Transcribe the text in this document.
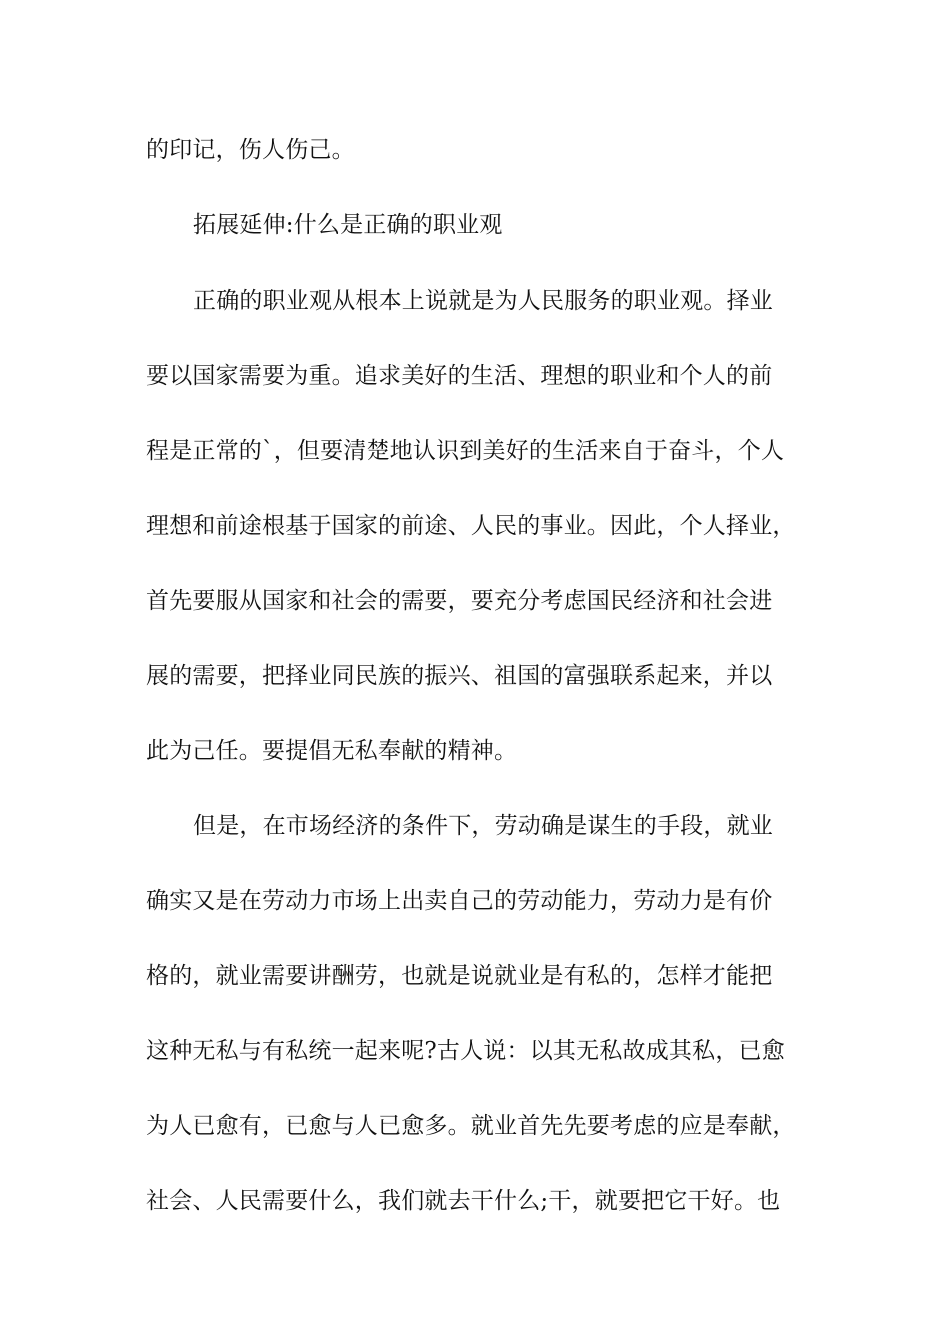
的印记，伤人伤己。
拓展延伸:什么是正确的职业观
正确的职业观从根本上说就是为人民服务的职业观。择业
要以国家需要为重。追求美好的生活、理想的职业和个人的前
程是正常的`，但要清楚地认识到美好的生活来自于奋斗，个人
理想和前途根基于国家的前途、人民的事业。因此，个人择业，
首先要服从国家和社会的需要，要充分考虑国民经济和社会进
展的需要，把择业同民族的振兴、祖国的富强联系起来，并以
此为己任。要提倡无私奉献的精神。
但是，在市场经济的条件下，劳动确是谋生的手段，就业
确实又是在劳动力市场上出卖自己的劳动能力，劳动力是有价
格的，就业需要讲酬劳，也就是说就业是有私的，怎样才能把
这种无私与有私统一起来呢?古人说：以其无私故成其私，已愈
为人已愈有，已愈与人已愈多。就业首先先要考虑的应是奉献，
社会、人民需要什么，我们就去干什么;干，就要把它干好。也
